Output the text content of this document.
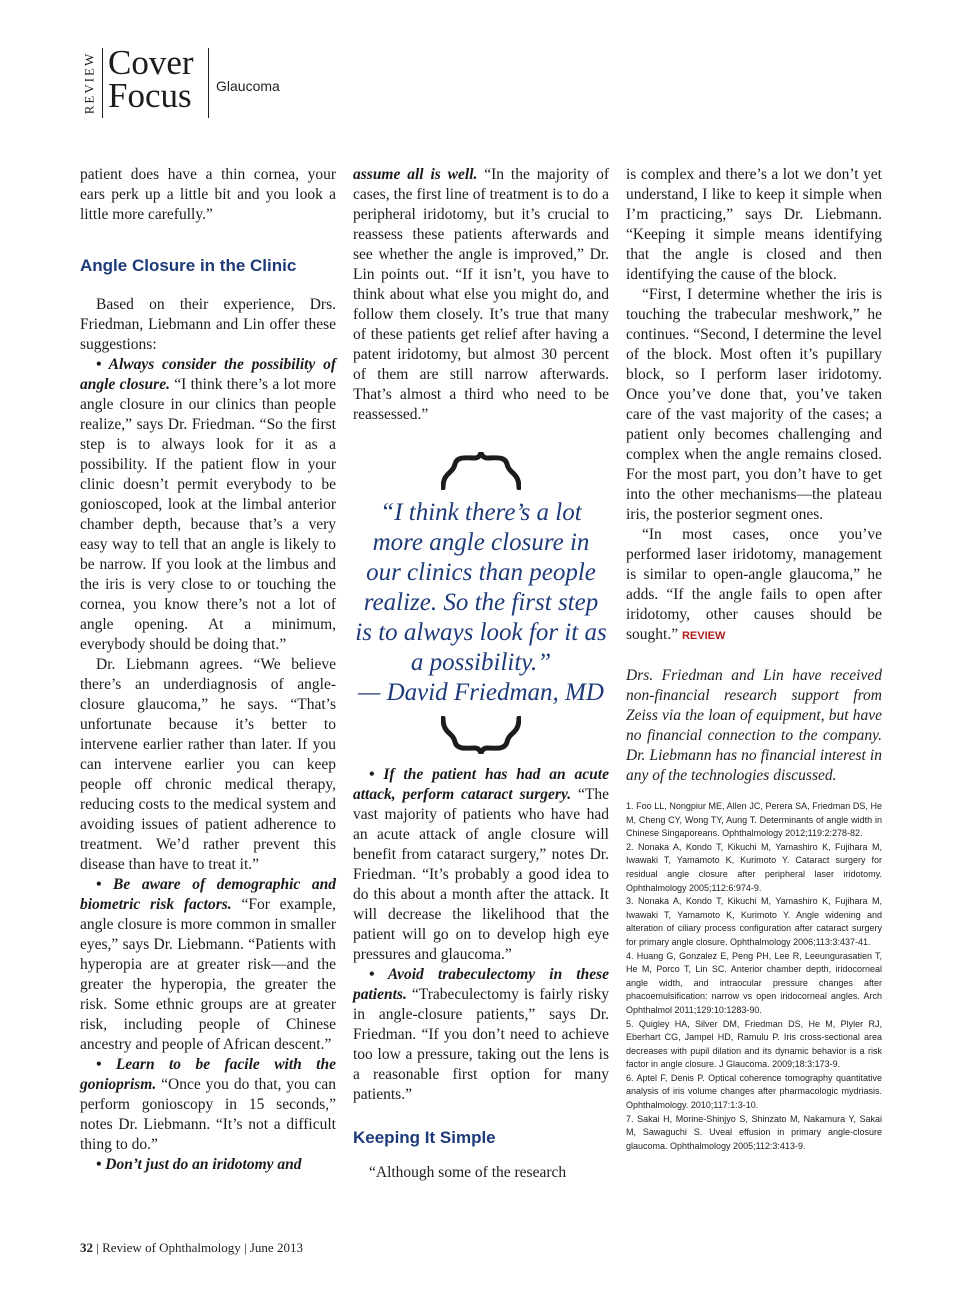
REVIEW Cover
Focus Glaucoma

patient does have a thin cornea, your ears perk up a little bit and you look a little more carefully.”

Angle Closure in the Clinic

Based on their experience, Drs. Friedman, Liebmann and Lin offer these suggestions:

• Always consider the possibility of angle closure. “I think there’s a lot more angle closure in our clinics than people realize,” says Dr. Friedman. “So the first step is to always look for it as a possibility. If the patient flow in your clinic doesn’t permit everybody to be gonioscoped, look at the limbal anterior chamber depth, because that’s a very easy way to tell that an angle is likely to be narrow. If you look at the limbus and the iris is very close to or touching the cornea, you know there’s not a lot of angle opening. At a minimum, everybody should be doing that.”

Dr. Liebmann agrees. “We believe there’s an underdiagnosis of angle-closure glaucoma,” he says. “That’s unfortunate because it’s better to intervene earlier rather than later. If you can intervene earlier you can keep people off chronic medical therapy, reducing costs to the medical system and avoiding issues of patient adherence to treatment. We’d rather prevent this disease than have to treat it.”

• Be aware of demographic and biometric risk factors. “For example, angle closure is more common in smaller eyes,” says Dr. Liebmann. “Patients with hyperopia are at greater risk—and the greater the hyperopia, the greater the risk. Some ethnic groups are at greater risk, including people of Chinese ancestry and people of African descent.”

• Learn to be facile with the gonioprism. “Once you do that, you can perform gonioscopy in 15 seconds,” notes Dr. Liebmann. “It’s not a difficult thing to do.”

• Don’t just do an iridotomy and

assume all is well. “In the majority of cases, the first line of treatment is to do a peripheral iridotomy, but it’s crucial to reassess these patients afterwards and see whether the angle is improved,” Dr. Lin points out. “If it isn’t, you have to think about what else you might do, and follow them closely. It’s true that many of these patients get relief after having a patent iridotomy, but almost 30 percent of them are still narrow afterwards. That’s almost a third who need to be reassessed.”

“I think there’s a lot more angle closure in our clinics than people realize. So the first step is to always look for it as a possibility.”
— David Friedman, MD

• If the patient has had an acute attack, perform cataract surgery. “The vast majority of patients who have had an acute attack of angle closure will benefit from cataract surgery,” notes Dr. Friedman. “It’s probably a good idea to do this about a month after the attack. It will decrease the likelihood that the patient will go on to develop high eye pressures and glaucoma.”

• Avoid trabeculectomy in these patients. “Trabeculectomy is fairly risky in angle-closure patients,” says Dr. Friedman. “If you don’t need to achieve too low a pressure, taking out the lens is a reasonable first option for many patients.”

Keeping It Simple

“Although some of the research

is complex and there’s a lot we don’t yet understand, I like to keep it simple when I’m practicing,” says Dr. Liebmann. “Keeping it simple means identifying that the angle is closed and then identifying the cause of the block.

“First, I determine whether the iris is touching the trabecular meshwork,” he continues. “Second, I determine the level of the block. Most often it’s pupillary block, so I perform laser iridotomy. Once you’ve done that, you’ve taken care of the vast majority of the cases; a patient only becomes challenging and complex when the angle remains closed. For the most part, you don’t have to get into the other mechanisms—the plateau iris, the posterior segment ones.

“In most cases, once you’ve performed laser iridotomy, management is similar to open-angle glaucoma,” he adds. “If the angle fails to open after iridotomy, other causes should be sought.” REVIEW

Drs. Friedman and Lin have received non-financial research support from Zeiss via the loan of equipment, but have no financial connection to the company. Dr. Liebmann has no financial interest in any of the technologies discussed.

1. Foo LL, Nongpiur ME, Allen JC, Perera SA, Friedman DS, He M, Cheng CY, Wong TY, Aung T. Determinants of angle width in Chinese Singaporeans. Ophthalmology 2012;119:2:278-82.
2. Nonaka A, Kondo T, Kikuchi M, Yamashiro K, Fujihara M, Iwawaki T, Yamamoto K, Kurimoto Y. Cataract surgery for residual angle closure after peripheral laser iridotomy. Ophthalmology 2005;112:6:974-9.
3. Nonaka A, Kondo T, Kikuchi M, Yamashiro K, Fujihara M, Iwawaki T, Yamamoto K, Kurimoto Y. Angle widening and alteration of ciliary process configuration after cataract surgery for primary angle closure. Ophthalmology 2006;113:3:437-41.
4. Huang G, Gonzalez E, Peng PH, Lee R, Leeungurasatien T, He M, Porco T, Lin SC. Anterior chamber depth, iridocorneal angle width, and intraocular pressure changes after phacoemulsification: narrow vs open iridocorneal angles. Arch Ophthalmol 2011;129:10:1283-90.
5. Quigley HA, Silver DM, Friedman DS, He M, Plyler RJ, Eberhart CG, Jampel HD, Ramulu P. Iris cross-sectional area decreases with pupil dilation and its dynamic behavior is a risk factor in angle closure. J Glaucoma. 2009;18:3:173-9.
6. Aptel F, Denis P. Optical coherence tomography quantitative analysis of iris volume changes after pharmacologic mydriasis. Ophthalmology. 2010;117:1:3-10.
7. Sakai H, Morine-Shinjyo S, Shinzato M, Nakamura Y, Sakai M, Sawaguchi S. Uveal effusion in primary angle-closure glaucoma. Ophthalmology 2005;112:3:413-9.
32 | Review of Ophthalmology | June 2013
